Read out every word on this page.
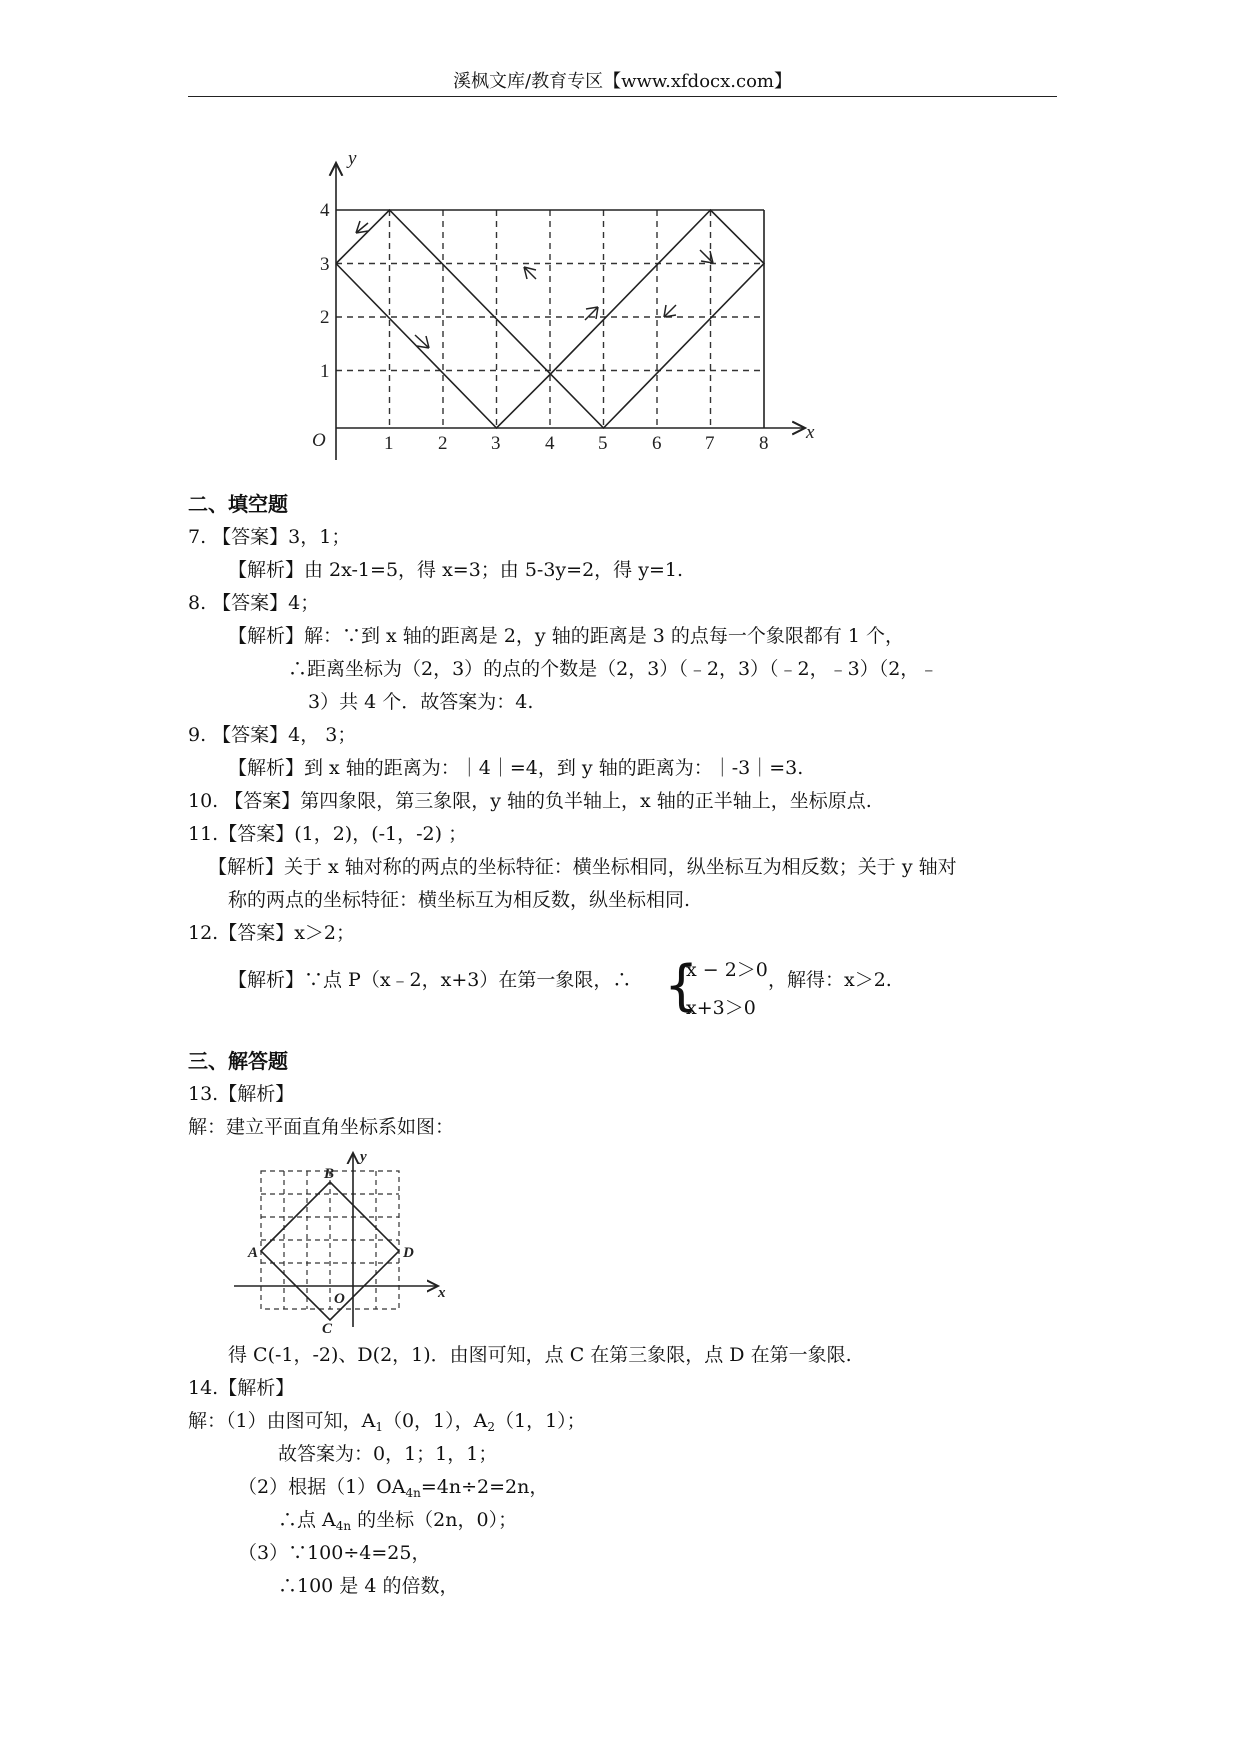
溪枫文库/教育专区【www.xfdocx.com】
O
y
x
1 2 3 4 5 6 7 8
1
2
3
4
二、填空题
7. 【答案】3，1；
【解析】由 2x-1=5，得 x=3；由 5-3y=2，得 y=1.
8. 【答案】4；
【解析】解：∵到 x 轴的距离是 2，y 轴的距离是 3 的点每一个象限都有 1 个，
∴距离坐标为（2，3）的点的个数是（2，3）（﹣2，3）（﹣2，﹣3）（2，﹣
3）共 4 个．故答案为：4.
9. 【答案】4， 3；
【解析】到 x 轴的距离为：｜4｜=4，到 y 轴的距离为：｜-3｜=3.
10. 【答案】第四象限，第三象限，y 轴的负半轴上，x 轴的正半轴上，坐标原点.
11.【答案】(1，2)，(-1，-2) ；
【解析】关于 x 轴对称的两点的坐标特征：横坐标相同，纵坐标互为相反数；关于 y 轴对
称的两点的坐标特征：横坐标互为相反数，纵坐标相同.
12.【答案】x＞2；
【解析】∵点 P（x﹣2，x+3）在第一象限，∴ {
x − 2＞0
x+3＞0
，解得：x＞2.
三、解答题
13.【解析】
解：建立平面直角坐标系如图：
A
B
C
D
O
y
x
得 C(-1，-2)、D(2，1)．由图可知，点 C 在第三象限，点 D 在第一象限.
14.【解析】
解：（1）由图可知，$A_1(0$，1），$A_2(1$，1）；
故答案为：0，1；1，1；
（2）根据$(1)OA_{4n}=4n\div 2=2n$，
∴点 $A_{4n}$ 的坐标（2n，0）；
（3）∵100÷4=25，
∴100 是 4 的倍数，
